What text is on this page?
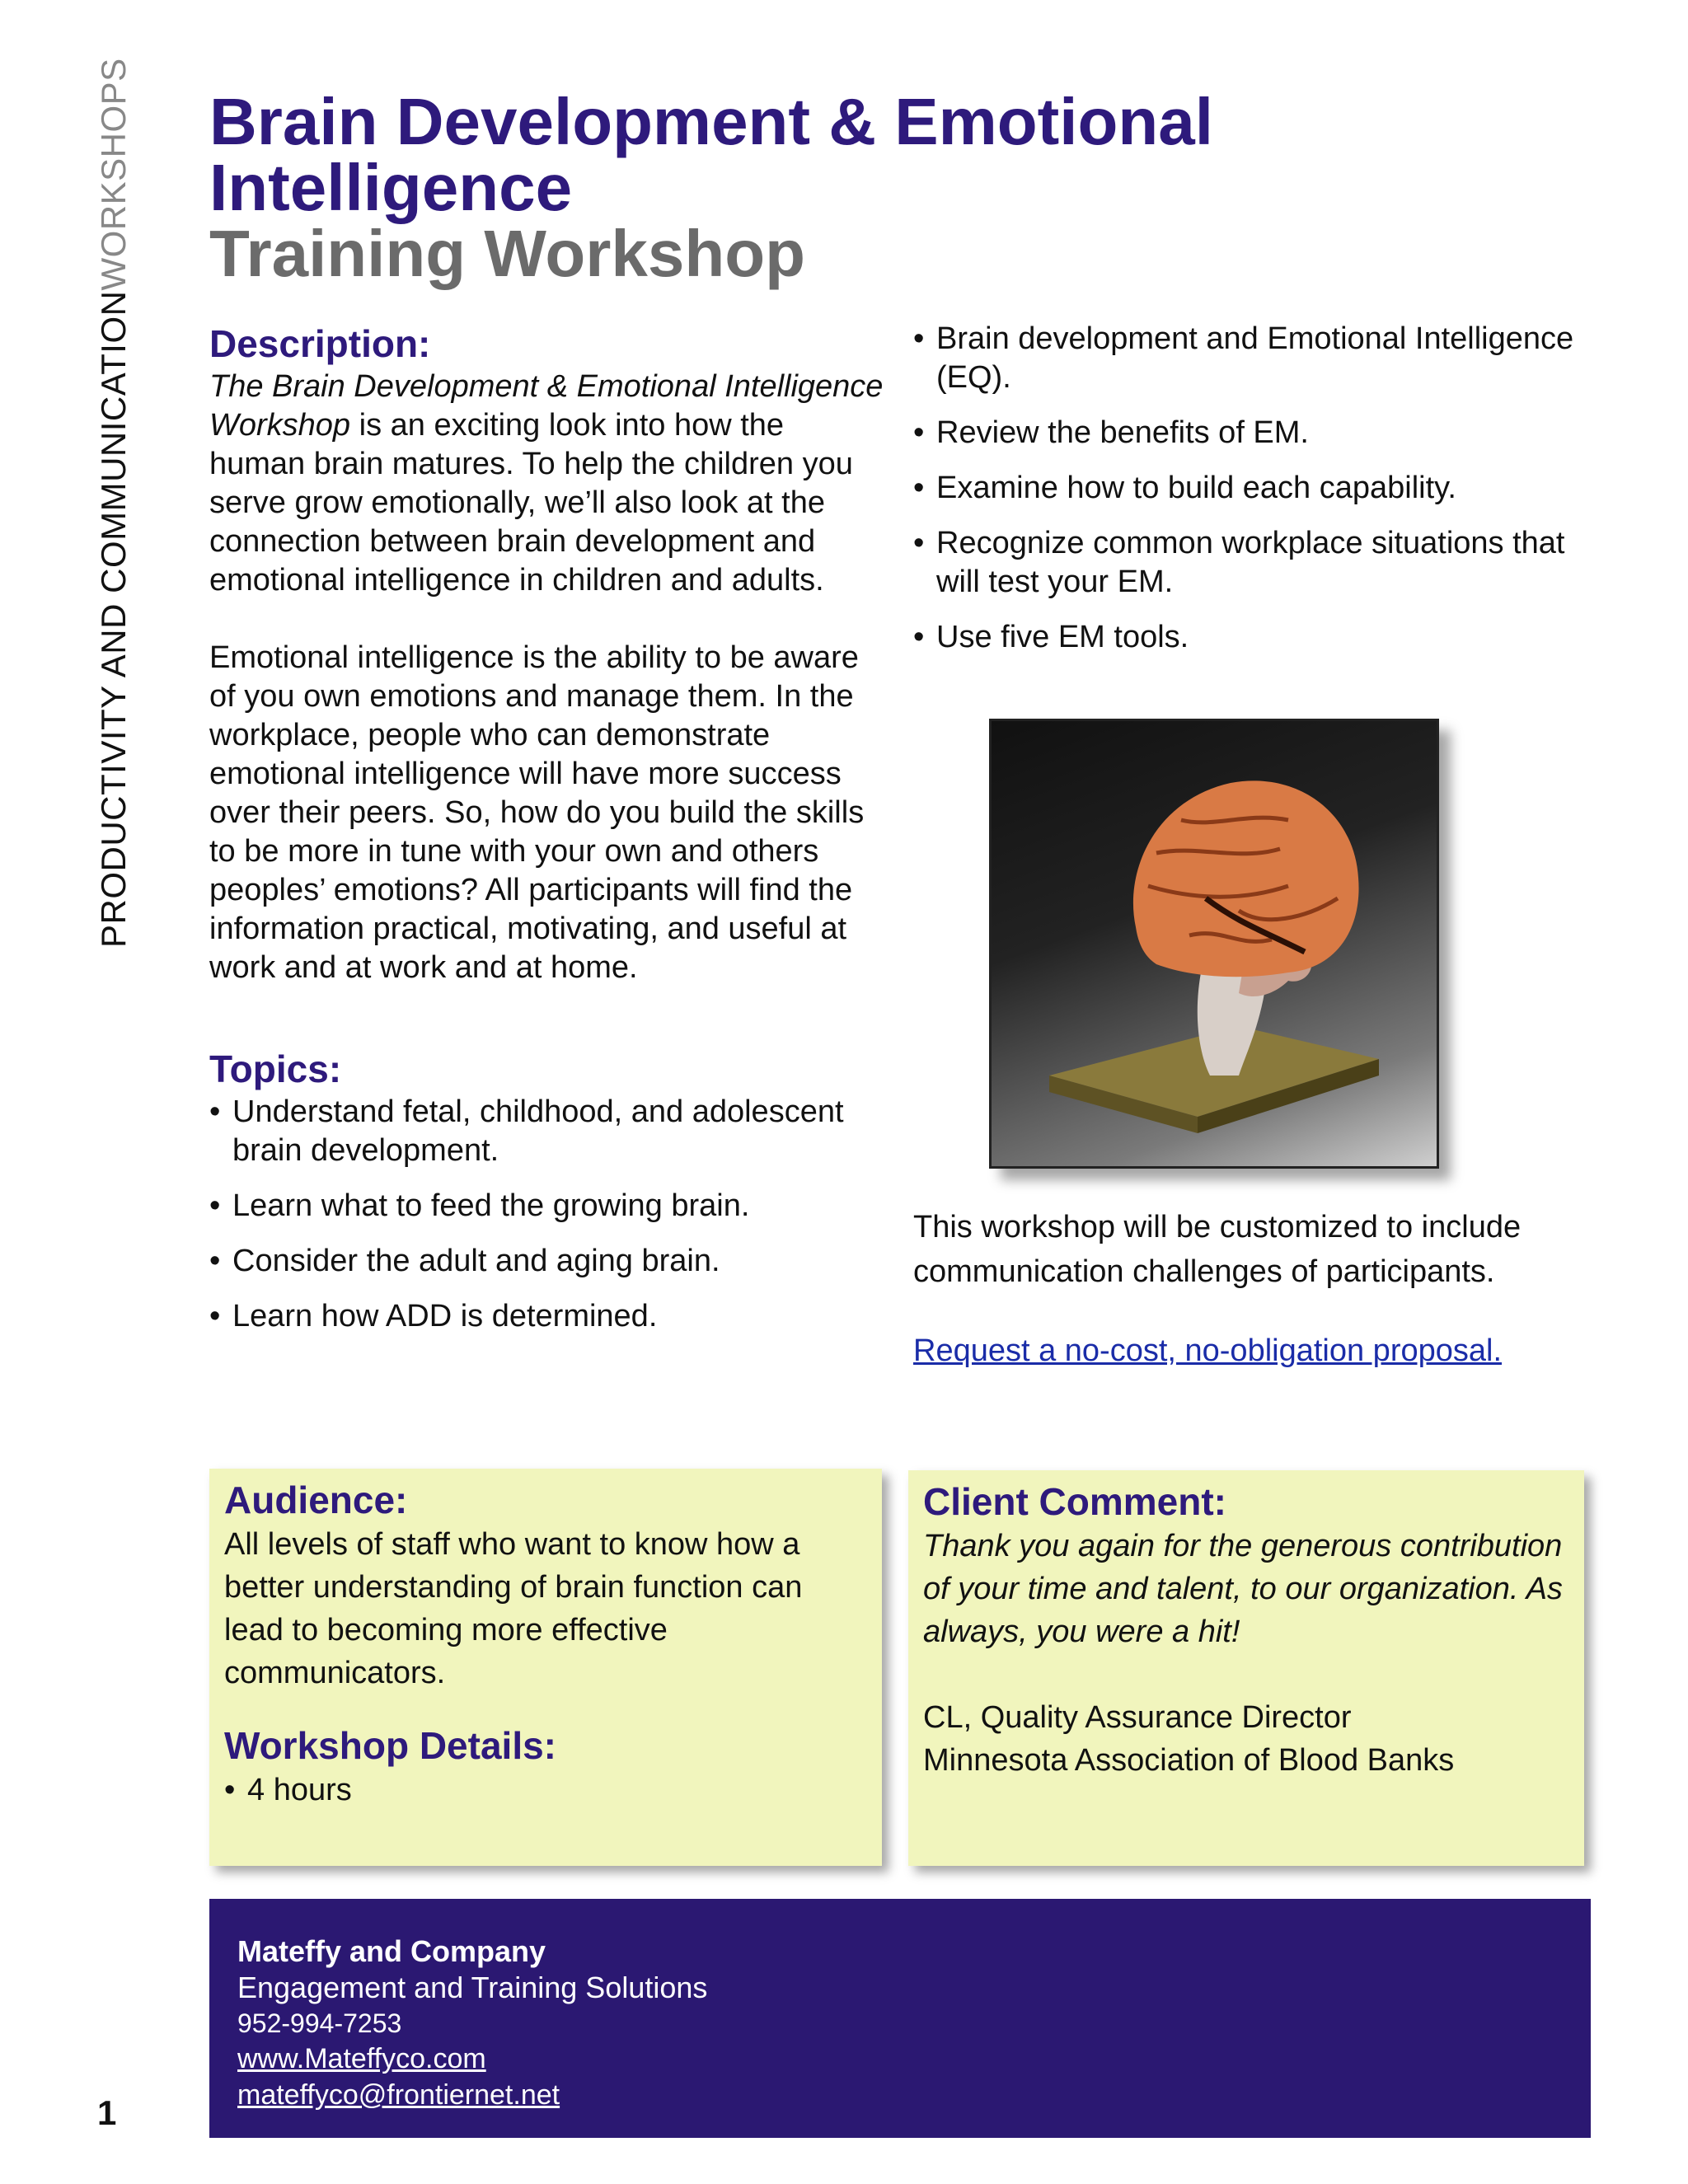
PRODUCTIVITY AND COMMUNICATIONWORKSHOPS Brain Development & Emotional
Intelligence
Training Workshop

Description:

The Brain Development & Emotional Intelligence Workshop is an exciting look into how the human brain matures. To help the children you serve grow emotionally, we’ll also look at the connection between brain development and emotional intelligence in children and adults.

Emotional intelligence is the ability to be aware of you own emotions and manage them. In the workplace, people who can demonstrate emotional intelligence will have more success over their peers. So, how do you build the skills to be more in tune with your own and others peoples’ emotions? All participants will find the information practical, motivating, and useful at work and at work and at home.

Topics:

• Understand fetal, childhood, and adolescent brain development.
• Learn what to feed the growing brain.
• Consider the adult and aging brain.
• Learn how ADD is determined.
• Brain development and Emotional Intelligence (EQ).
• Review the benefits of EM.
• Examine how to build each capability.
• Recognize common workplace situations that will test your EM.
• Use five EM tools.

This workshop will be customized to include communication challenges of participants.

Request a no-cost, no-obligation proposal.

Audience:

All levels of staff who want to know how a better understanding of brain function can lead to becoming more effective communicators.

Workshop Details:

• 4 hours

Client Comment:

Thank you again for the generous contribution of your time and talent, to our organization. As always, you were a hit!

CL, Quality Assurance Director

Minnesota Association of Blood Banks

Mateffy and Company
Engagement and Training Solutions
952-994-7253
www.Mateffyco.com
mateffyco@frontiernet.net
1
